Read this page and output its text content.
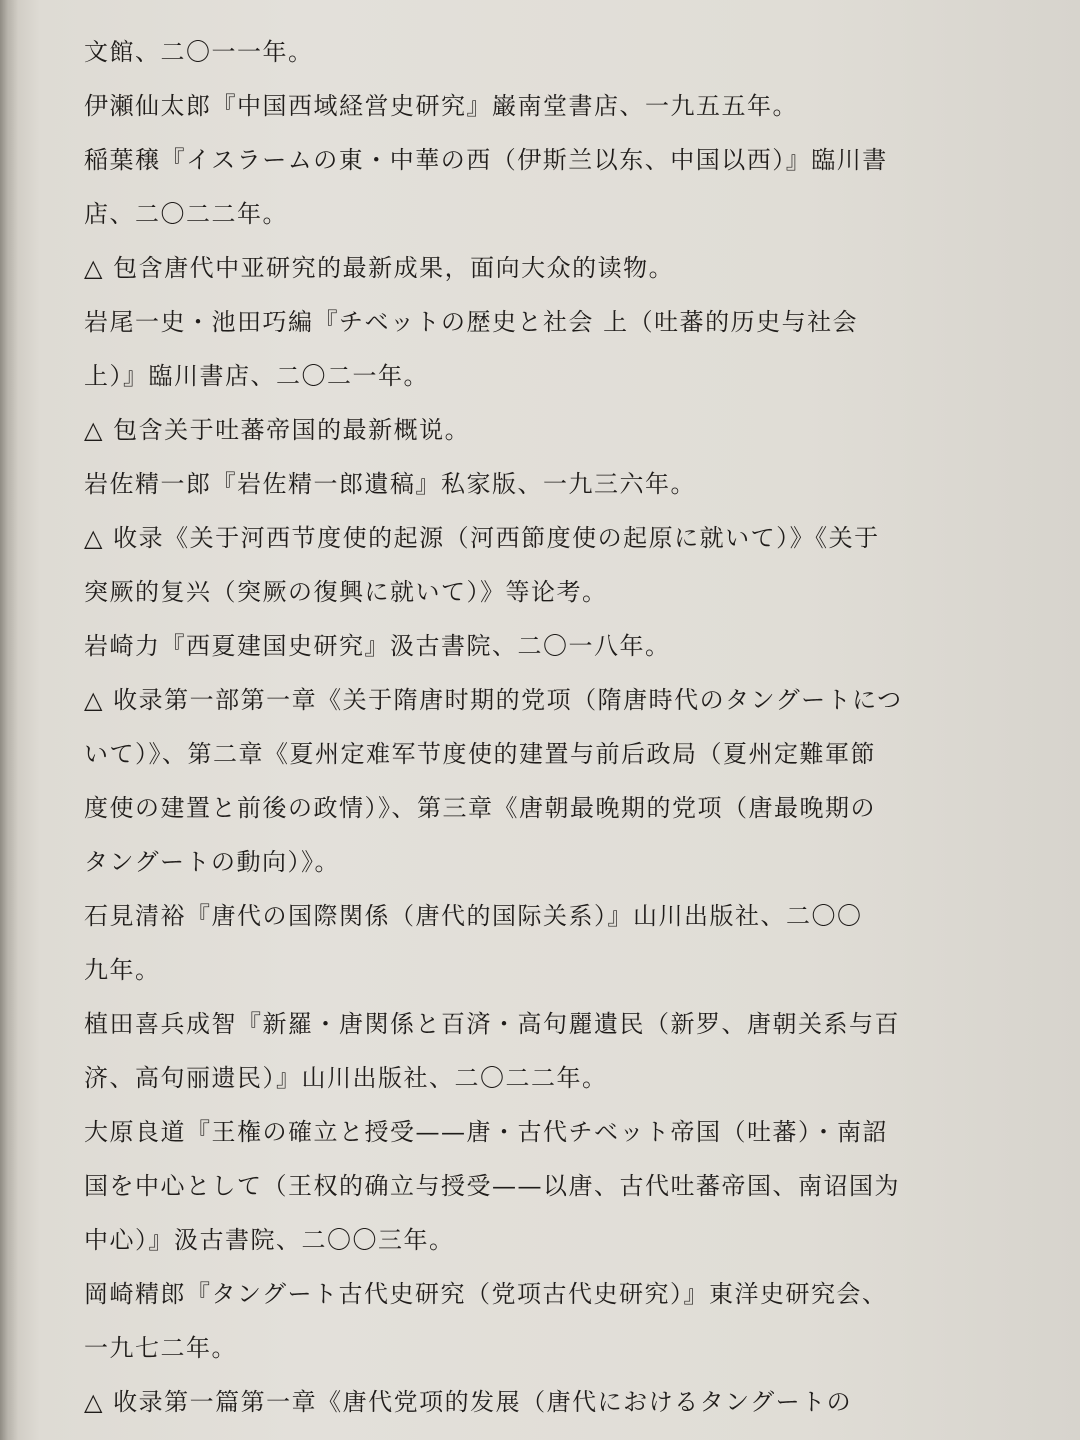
文館、二〇一一年。
伊瀬仙太郎『中国西域経営史研究』巌南堂書店、一九五五年。
稲葉穣『イスラームの東・中華の西（伊斯兰以东、中国以西）』臨川書
店、二〇二二年。
△ 包含唐代中亚研究的最新成果，面向大众的读物。
岩尾一史・池田巧編『チベットの歴史と社会 上（吐蕃的历史与社会
上）』臨川書店、二〇二一年。
△ 包含关于吐蕃帝国的最新概说。
岩佐精一郎『岩佐精一郎遺稿』私家版、一九三六年。
△ 收录《关于河西节度使的起源（河西節度使の起原に就いて）》《关于
突厥的复兴（突厥の復興に就いて）》等论考。
岩崎力『西夏建国史研究』汲古書院、二〇一八年。
△ 收录第一部第一章《关于隋唐时期的党项（隋唐時代のタングートにつ
いて）》、第二章《夏州定难军节度使的建置与前后政局（夏州定難軍節
度使の建置と前後の政情）》、第三章《唐朝最晚期的党项（唐最晚期の
タングートの動向）》。
石見清裕『唐代の国際関係（唐代的国际关系）』山川出版社、二〇〇
九年。
植田喜兵成智『新羅・唐関係と百済・高句麗遺民（新罗、唐朝关系与百
济、高句丽遗民）』山川出版社、二〇二二年。
大原良道『王権の確立と授受——唐・古代チベット帝国（吐蕃）・南詔
国を中心として（王权的确立与授受——以唐、古代吐蕃帝国、南诏国为
中心）』汲古書院、二〇〇三年。
岡崎精郎『タングート古代史研究（党项古代史研究）』東洋史研究会、
一九七二年。
△ 收录第一篇第一章《唐代党项的发展（唐代におけるタングートの
